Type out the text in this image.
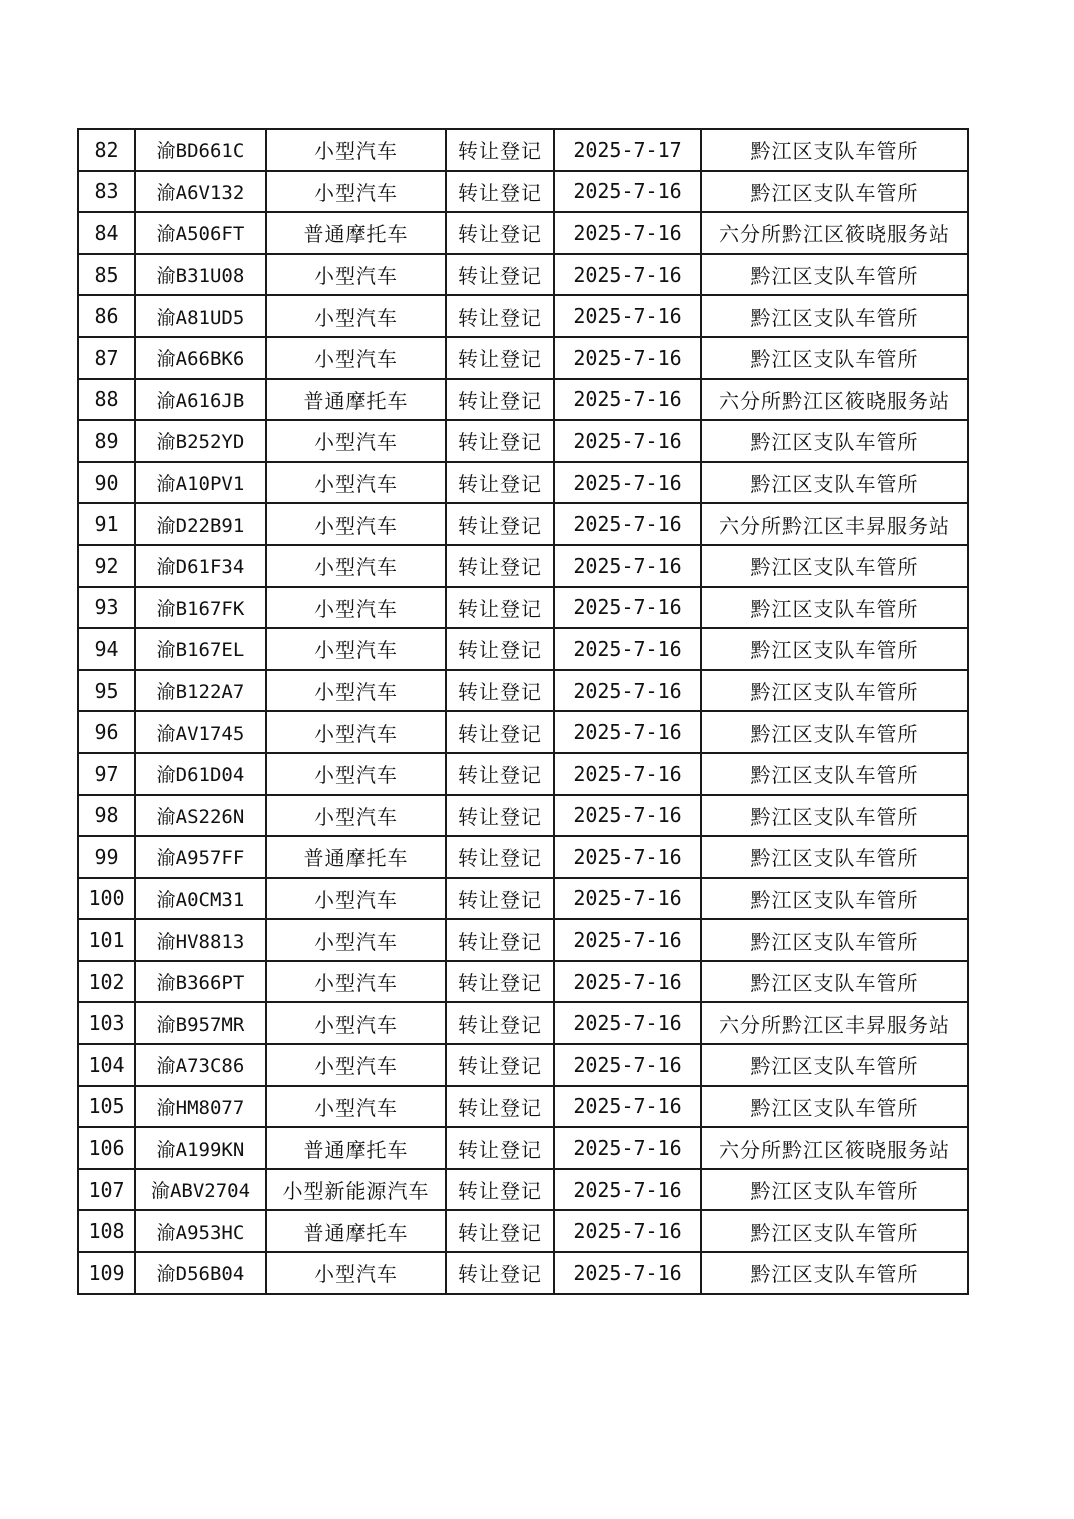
82	渝BD661C	小型汽车	转让登记	2025-7-17	黔江区支队车管所
83	渝A6V132	小型汽车	转让登记	2025-7-16	黔江区支队车管所
84	渝A506FT	普通摩托车	转让登记	2025-7-16	六分所黔江区筱晓服务站
85	渝B31U08	小型汽车	转让登记	2025-7-16	黔江区支队车管所
86	渝A81UD5	小型汽车	转让登记	2025-7-16	黔江区支队车管所
87	渝A66BK6	小型汽车	转让登记	2025-7-16	黔江区支队车管所
88	渝A616JB	普通摩托车	转让登记	2025-7-16	六分所黔江区筱晓服务站
89	渝B252YD	小型汽车	转让登记	2025-7-16	黔江区支队车管所
90	渝A10PV1	小型汽车	转让登记	2025-7-16	黔江区支队车管所
91	渝D22B91	小型汽车	转让登记	2025-7-16	六分所黔江区丰昇服务站
92	渝D61F34	小型汽车	转让登记	2025-7-16	黔江区支队车管所
93	渝B167FK	小型汽车	转让登记	2025-7-16	黔江区支队车管所
94	渝B167EL	小型汽车	转让登记	2025-7-16	黔江区支队车管所
95	渝B122A7	小型汽车	转让登记	2025-7-16	黔江区支队车管所
96	渝AV1745	小型汽车	转让登记	2025-7-16	黔江区支队车管所
97	渝D61D04	小型汽车	转让登记	2025-7-16	黔江区支队车管所
98	渝AS226N	小型汽车	转让登记	2025-7-16	黔江区支队车管所
99	渝A957FF	普通摩托车	转让登记	2025-7-16	黔江区支队车管所
100	渝A0CM31	小型汽车	转让登记	2025-7-16	黔江区支队车管所
101	渝HV8813	小型汽车	转让登记	2025-7-16	黔江区支队车管所
102	渝B366PT	小型汽车	转让登记	2025-7-16	黔江区支队车管所
103	渝B957MR	小型汽车	转让登记	2025-7-16	六分所黔江区丰昇服务站
104	渝A73C86	小型汽车	转让登记	2025-7-16	黔江区支队车管所
105	渝HM8077	小型汽车	转让登记	2025-7-16	黔江区支队车管所
106	渝A199KN	普通摩托车	转让登记	2025-7-16	六分所黔江区筱晓服务站
107	渝ABV2704	小型新能源汽车	转让登记	2025-7-16	黔江区支队车管所
108	渝A953HC	普通摩托车	转让登记	2025-7-16	黔江区支队车管所
109	渝D56B04	小型汽车	转让登记	2025-7-16	黔江区支队车管所
